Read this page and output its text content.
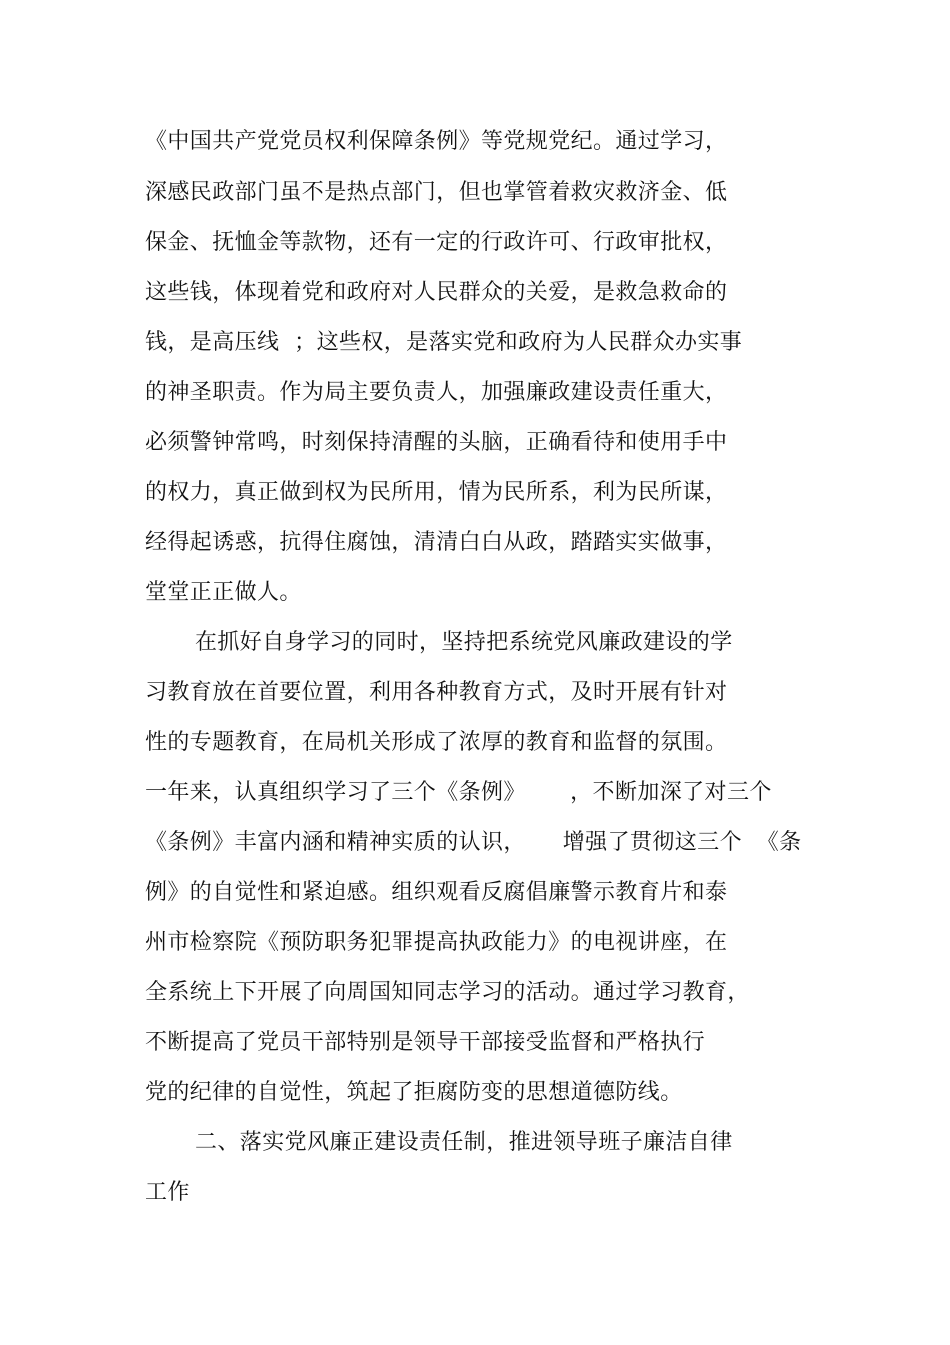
《中国共产党党员权利保障条例》等党规党纪。通过学习，
深感民政部门虽不是热点部门，但也掌管着救灾救济金、低
保金、抚恤金等款物，还有一定的行政许可、行政审批权，
这些钱，体现着党和政府对人民群众的关爱，是救急救命的
钱，是高压线  ；这些权，是落实党和政府为人民群众办实事
的神圣职责。作为局主要负责人，加强廉政建设责任重大，
必须警钟常鸣，时刻保持清醒的头脑，正确看待和使用手中
的权力，真正做到权为民所用，情为民所系，利为民所谋，
经得起诱惑，抗得住腐蚀，清清白白从政，踏踏实实做事，
堂堂正正做人。
在抓好自身学习的同时，坚持把系统党风廉政建设的学
习教育放在首要位置，利用各种教育方式，及时开展有针对
性的专题教育，在局机关形成了浓厚的教育和监督的氛围。
一年来，认真组织学习了三个《条例》      ，不断加深了对三个
《条例》丰富内涵和精神实质的认识，     增强了贯彻这三个  《条
例》的自觉性和紧迫感。组织观看反腐倡廉警示教育片和泰
州市检察院《预防职务犯罪提高执政能力》的电视讲座，在
全系统上下开展了向周国知同志学习的活动。通过学习教育，
不断提高了党员干部特别是领导干部接受监督和严格执行
党的纪律的自觉性，筑起了拒腐防变的思想道德防线。
二、落实党风廉正建设责任制，推进领导班子廉洁自律
工作
